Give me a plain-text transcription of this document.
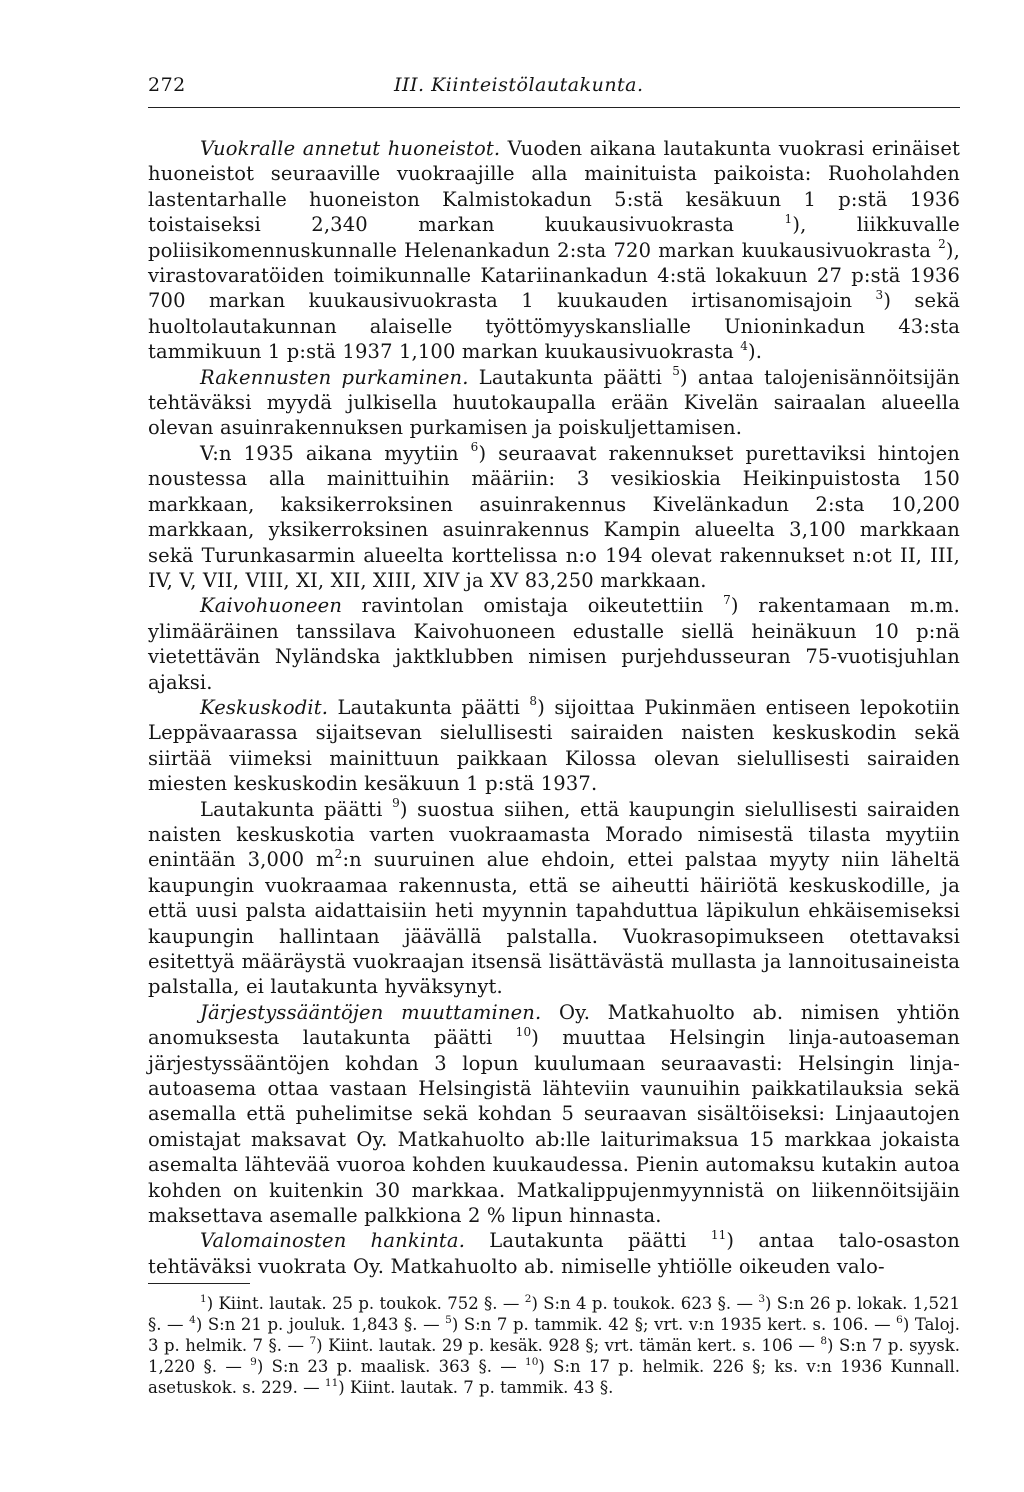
272	III. Kiinteistölautakunta.

Vuokralle annetut huoneistot. Vuoden aikana lautakunta vuokrasi erinäiset huoneistot seuraaville vuokraajille alla mainituista paikoista: Ruoholahden lastentarhalle huoneiston Kalmistokadun 5:stä kesäkuun 1 p:stä 1936 toistaiseksi 2,340 markan kuukausivuokrasta $^1$), liikkuvalle poliisikomennuskunnalle Helenankadun 2:sta 720 markan kuukausivuokrasta $^2$), virastovaratöiden toimikunnalle Katariinankadun 4:stä lokakuun 27 p:stä 1936 700 markan kuukausivuokrasta 1 kuukauden irtisanomisajoin $^3$) sekä huoltolautakunnan alaiselle työttömyyskanslialle Unioninkadun 43:sta tammikuun 1 p:stä 1937 1,100 markan kuukausivuokrasta $^4$).

Rakennusten purkaminen. Lautakunta päätti $^5$) antaa talojenisännöitsijän tehtäväksi myydä julkisella huutokaupalla erään Kivelän sairaalan alueella olevan asuinrakennuksen purkamisen ja poiskuljettamisen.

V:n 1935 aikana myytiin $^6$) seuraavat rakennukset purettaviksi hintojen noustessa alla mainittuihin määriin: 3 vesikioskia Heikinpuistosta 150 markkaan, kaksikerroksinen asuinrakennus Kivelänkadun 2:sta 10,200 markkaan, yksikerroksinen asuinrakennus Kampin alueelta 3,100 markkaan sekä Turunkasarmin alueelta korttelissa n:o 194 olevat rakennukset n:ot II, III, IV, V, VII, VIII, XI, XII, XIII, XIV ja XV 83,250 markkaan.

Kaivohuoneen ravintolan omistaja oikeutettiin $^7$) rakentamaan m.m. ylimääräinen tanssilava Kaivohuoneen edustalle siellä heinäkuun 10 p:nä vietettävän Nyländska jaktklubben nimisen purjehdusseuran 75-vuotisjuhlan ajaksi.

Keskuskodit. Lautakunta päätti $^8$) sijoittaa Pukinmäen entiseen lepokotiin Leppävaarassa sijaitsevan sielullisesti sairaiden naisten keskuskodin sekä siirtää viimeksi mainittuun paikkaan Kilossa olevan sielullisesti sairaiden miesten keskuskodin kesäkuun 1 p:stä 1937.

Lautakunta päätti $^9$) suostua siihen, että kaupungin sielullisesti sairaiden naisten keskuskotia varten vuokraamasta Morado nimisestä tilasta myytiin enintään 3,000 $m^2:n$ suuruinen alue ehdoin, ettei palstaa myyty niin läheltä kaupungin vuokraamaa rakennusta, että se aiheutti häiriötä keskuskodille, ja että uusi palsta aidattaisiin heti myynnin tapahduttua läpikulun ehkäisemiseksi kaupungin hallintaan jäävällä palstalla. Vuokrasopimukseen otettavaksi esitettyä määräystä vuokraajan itsensä lisättävästä mullasta ja lannoitusaineista palstalla, ei lautakunta hyväksynyt.

Järjestyssääntöjen muuttaminen. Oy. Matkahuolto ab. nimisen yhtiön anomuksesta lautakunta päätti $^{10}$) muuttaa Helsingin linja-autoaseman järjestyssääntöjen kohdan 3 lopun kuulumaan seuraavasti: Helsingin linja-autoasema ottaa vastaan Helsingistä lähteviin vaunuihin paikkatilauksia sekä asemalla että puhelimitse sekä kohdan 5 seuraavan sisältöiseksi: Linjaautojen omistajat maksavat Oy. Matkahuolto ab:lle laiturimaksua 15 markkaa jokaista asemalta lähtevää vuoroa kohden kuukaudessa. Pienin automaksu kutakin autoa kohden on kuitenkin 30 markkaa. Matkalippujenmyynnistä on liikennöitsijäin maksettava asemalle palkkiona 2 % lipun hinnasta.

Valomainosten hankinta. Lautakunta päätti $^{11}$) antaa talo-osaston tehtäväksi vuokrata Oy. Matkahuolto ab. nimiselle yhtiölle oikeuden valo-

$^1$) Kiint. lautak. 25 p. toukok. 752 §. — $^2$) S:n 4 p. toukok. 623 §. — $^3$) S:n 26 p. lokak. 1,521 §. — $^4$) S:n 21 p. jouluk. 1,843 §. — $^5$) S:n 7 p. tammik. 42 §; vrt. v:n 1935 kert. s. 106. — $^6$) Taloj. 3 p. helmik. 7 §. — $^7$) Kiint. lautak. 29 p. kesäk. 928 §; vrt. tämän kert. s. 106 — $^8$) S:n 7 p. syysk. 1,220 §. — $^9$) S:n 23 p. maalisk. 363 §. — $^{10}$) S:n 17 p. helmik. 226 §; ks. v:n 1936 Kunnall. asetuskok. s. 229. — $^{11}$) Kiint. lautak. 7 p. tammik. 43 §.
